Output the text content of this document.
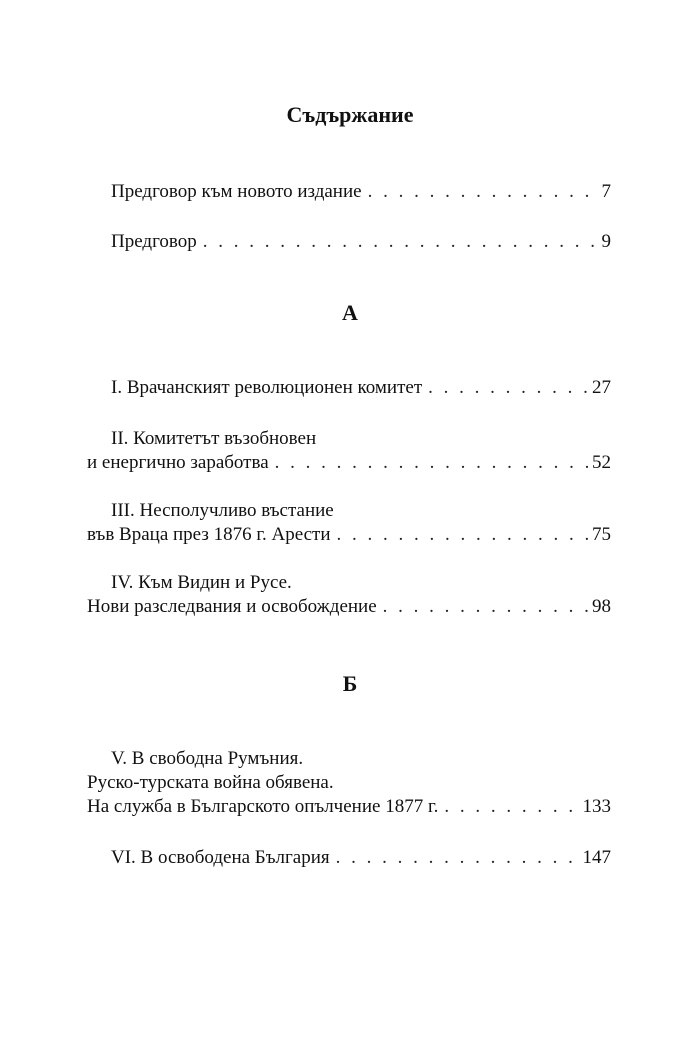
Съдържание
Предговор към новото издание . . .	7
Предговор . . .	9
А
I. Врачанският революционен комитет . . .	27
II. Комитетът възобновен
и енергично заработва . . .	52
III. Несполучливо въстание
във Враца през 1876 г. Арести . . .	75
IV. Към Видин и Русе.
Нови разследвания и освобождение . . .	98
Б
V. В свободна Румъния.
Руско-турската война обявена.
На служба в Българското опълчение 1877 г. . . .	133
VI. В освободена България . . .	147
